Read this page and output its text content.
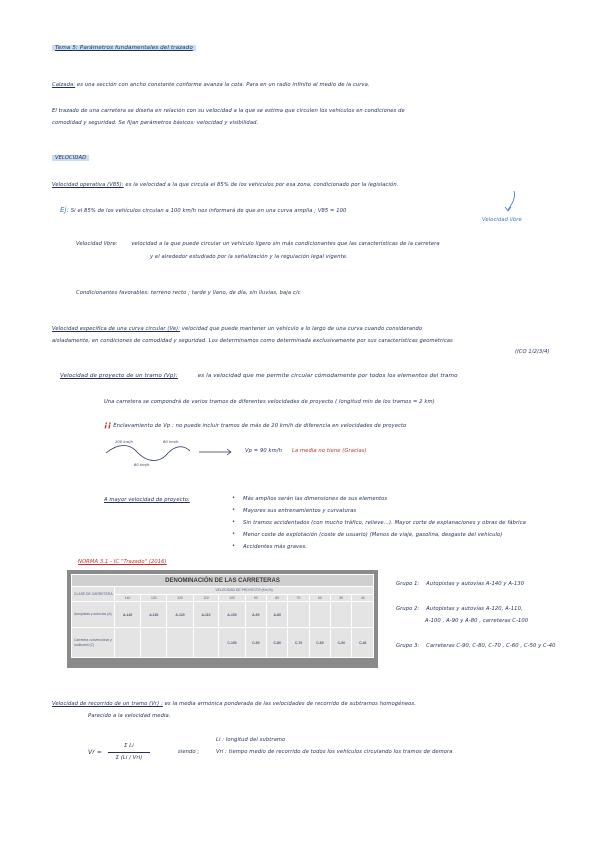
Tema 5: Parámetros fundamentales del trazado
Calzada: es una sección con ancho constante conforme avanza la cota. Para en un radio infinito al medio de la curva.
El trazado de una carretera se diseña en relación con su velocidad a la que se estima que circulen los vehículos en condiciones de
comodidad y seguridad. Se fijan parámetros básicos: velocidad y visibilidad.
VELOCIDAD
Velocidad operativa (V85): es la velocidad a la que circula el 85% de los vehículos por esa zona, condicionado por la legislación.
Ej: Si el 85% de los vehículos circulan a 100 km/h nos informará de que en una curva amplia ; V85 = 100
Velocidad libre
Velocidad libre:	velocidad a la que puede circular un vehículo ligero sin más condicionantes que las características de la carretera
y el alrededor estudiado por la señalización y la regulación legal vigente.
Condicionantes favorables: terreno recto ; tarde y llano, de día, sin lluvias, baja c/c
Velocidad específica de una curva circular (Ve): velocidad que puede mantener un vehículo a lo largo de una curva cuando considerando
aisladamente, en condiciones de comodidad y seguridad. Los determinamos como determinada exclusivamente por sus características geométricas
(ICO 1/2/3/4)
Velocidad de proyecto de un tramo (Vp):	es la velocidad que me permite circular cómodamente por todos los elementos del tramo
Una carretera se compondrá de varios tramos de diferentes velocidades de proyecto ( longitud mín de los tramos = 2 km)
¡¡ Enclavamiento de Vp : no puede incluir tramos de más de 20 km/h de diferencia en velocidades de proyecto
100 km/h	80 km/h
60 km/h
Vp = 90 km/h La media no tiene (Gracias)
A mayor velocidad de proyecto:	• Más amplios serán las dimensiones de sus elementos
• Mayores sus entrenamientos y curvaturas
• Sin tramos accidentados (con mucho tráfico, relieve...). Mayor corte de explanaciones y obras de fábrica
• Menor coste de explotación (coste de usuario) (Menos de viaje, gasolina, desgaste del vehículo)
• Accidentes más graves.
NORMA 3.1 - IC "Trazado" (2016)
DENOMINACIÓN DE LAS CARRETERAS											
CLASE DE CARRETERA	VELOCIDAD DE PROYECTO (Km /h)										
	140	130	120	110	100	90	80	70	60	50	40
Autopistas y autovías (A)	A-140	A-130	A-120	A-110	A-100	A-90	A-80				
Carretera convencional y multicarril (C)					C-100	C-90	C-80	C-70	C-60	C-50	C-40
Grupo 1: Autopistas y autovías A-140 y A-130
Grupo 2: Autopistas y autovías A-120, A-110,
A-100 , A-90 y A-80 , carreteras C-100
Grupo 3: Carreteras C-90, C-80, C-70 , C-60 , C-50 y C-40
Velocidad de recorrido de un tramo (Vr) : es la media armónica ponderada de las velocidades de recorrido de subtramos homogéneos.
Parecido a la velocidad media.
Vr =
Σ Li
Σ (Li / Vri)
siendo ;
Li : longitud del subtramo
Vri : tiempo medio de recorrido de todos los vehículos circulando los tramos de demora
